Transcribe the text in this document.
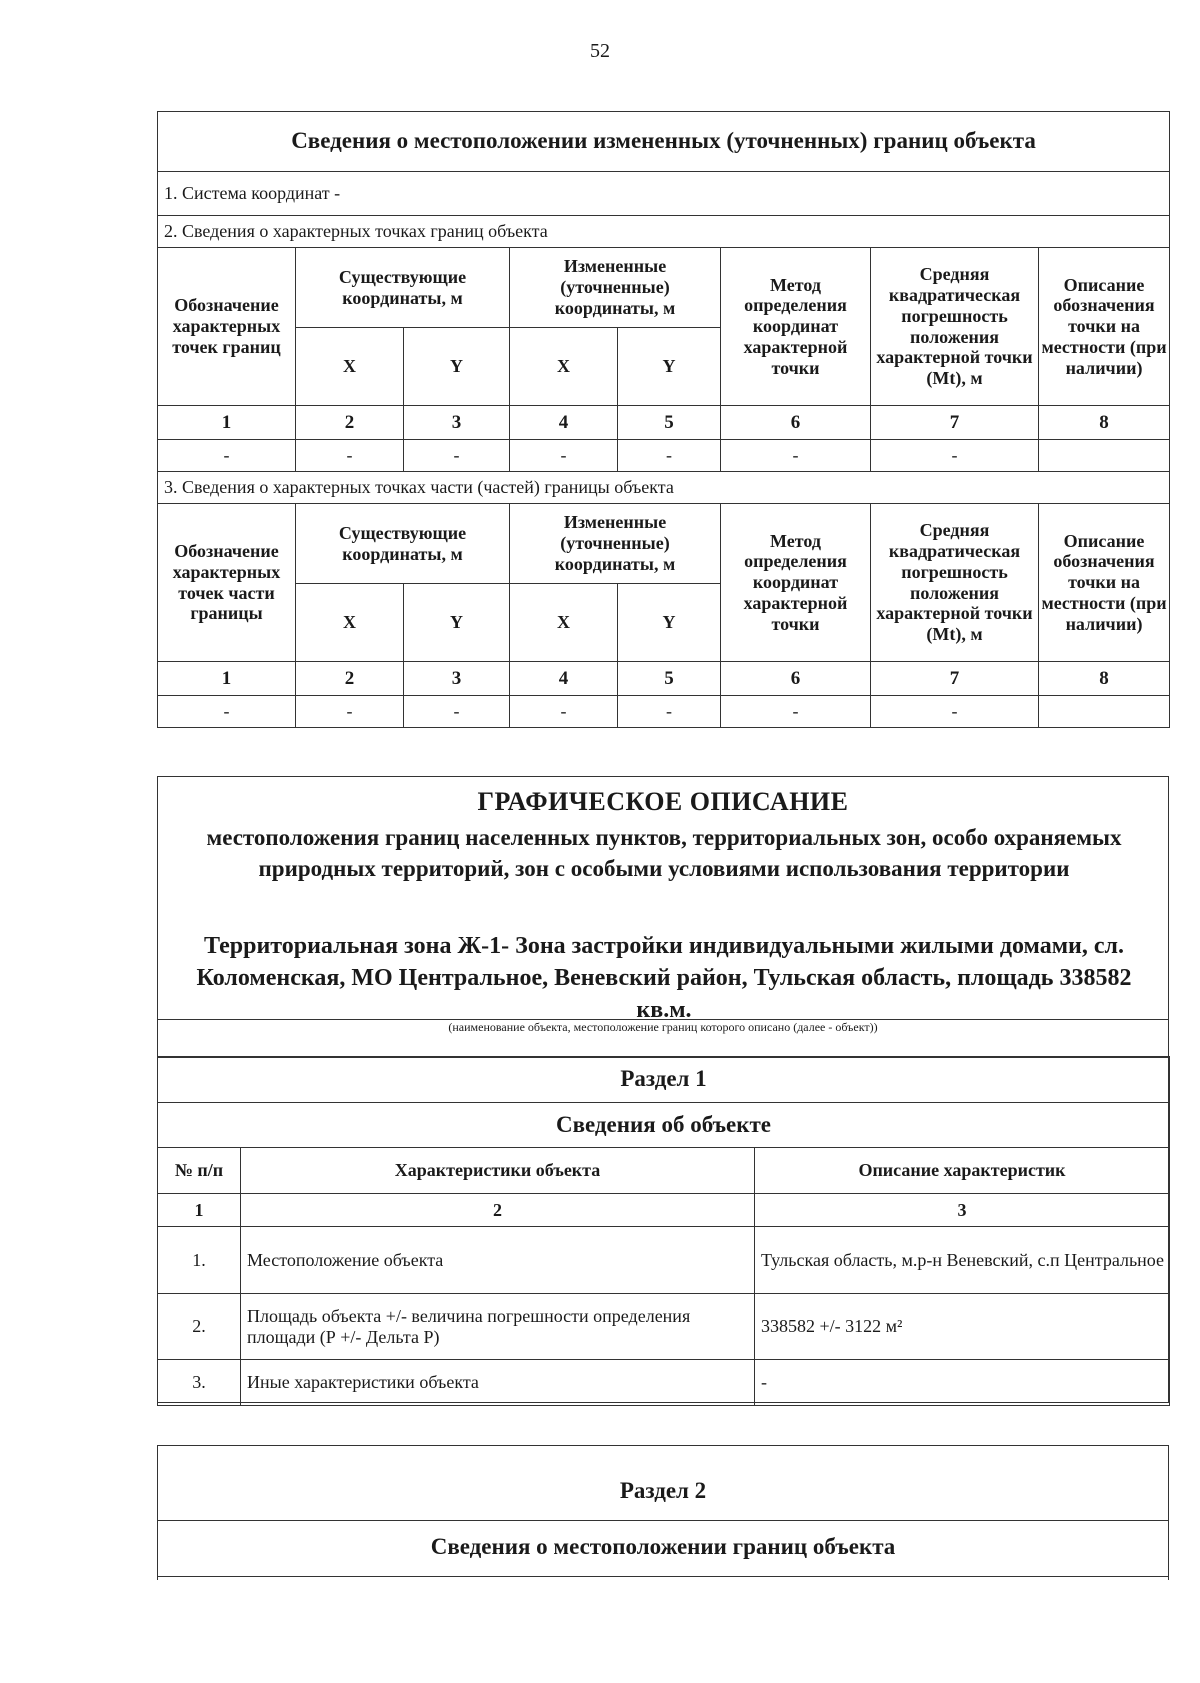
52
Сведения о местоположении измененных (уточненных) границ объекта							
1. Система координат -							
2. Сведения о характерных точках границ объекта							
Обозначение характерных точек границ	Существующие координаты, м		Измененные (уточненные) координаты, м		Метод определения координат характерной точки	Средняя квадратическая погрешность положения характерной точки (Mt), м	Описание обозначения точки на местности (при наличии)
	X	Y	X	Y			
1	2	3	4	5	6	7	8
-	-	-	-	-	-	-	
3. Сведения о характерных точках части (частей) границы объекта							
Обозначение характерных точек части границы	Существующие координаты, м		Измененные (уточненные) координаты, м		Метод определения координат характерной точки	Средняя квадратическая погрешность положения характерной точки (Mt), м	Описание обозначения точки на местности (при наличии)
	X	Y	X	Y			
1	2	3	4	5	6	7	8
-	-	-	-	-	-	-	
ГРАФИЧЕСКОЕ ОПИСАНИЕ
местоположения границ населенных пунктов, территориальных зон, особо охраняемых природных территорий, зон с особыми условиями использования территории
Территориальная зона Ж-1- Зона застройки индивидуальными жилыми домами, сл. Коломенская, МО Центральное, Веневский район, Тульская область, площадь 338582 кв.м.
(наименование объекта, местоположение границ которого описано (далее - объект))
Раздел 1		
Сведения об объекте		
№ п/п	Характеристики объекта	Описание характеристик
1	2	3
1.	Местоположение объекта	Тульская область, м.р-н Веневский, с.п Центральное
2.	Площадь объекта +/- величина погрешности определения площади (Р +/- Дельта Р)	338582 +/- 3122 м²
3.	Иные характеристики объекта	-
Раздел 2
Сведения о местоположении границ объекта
